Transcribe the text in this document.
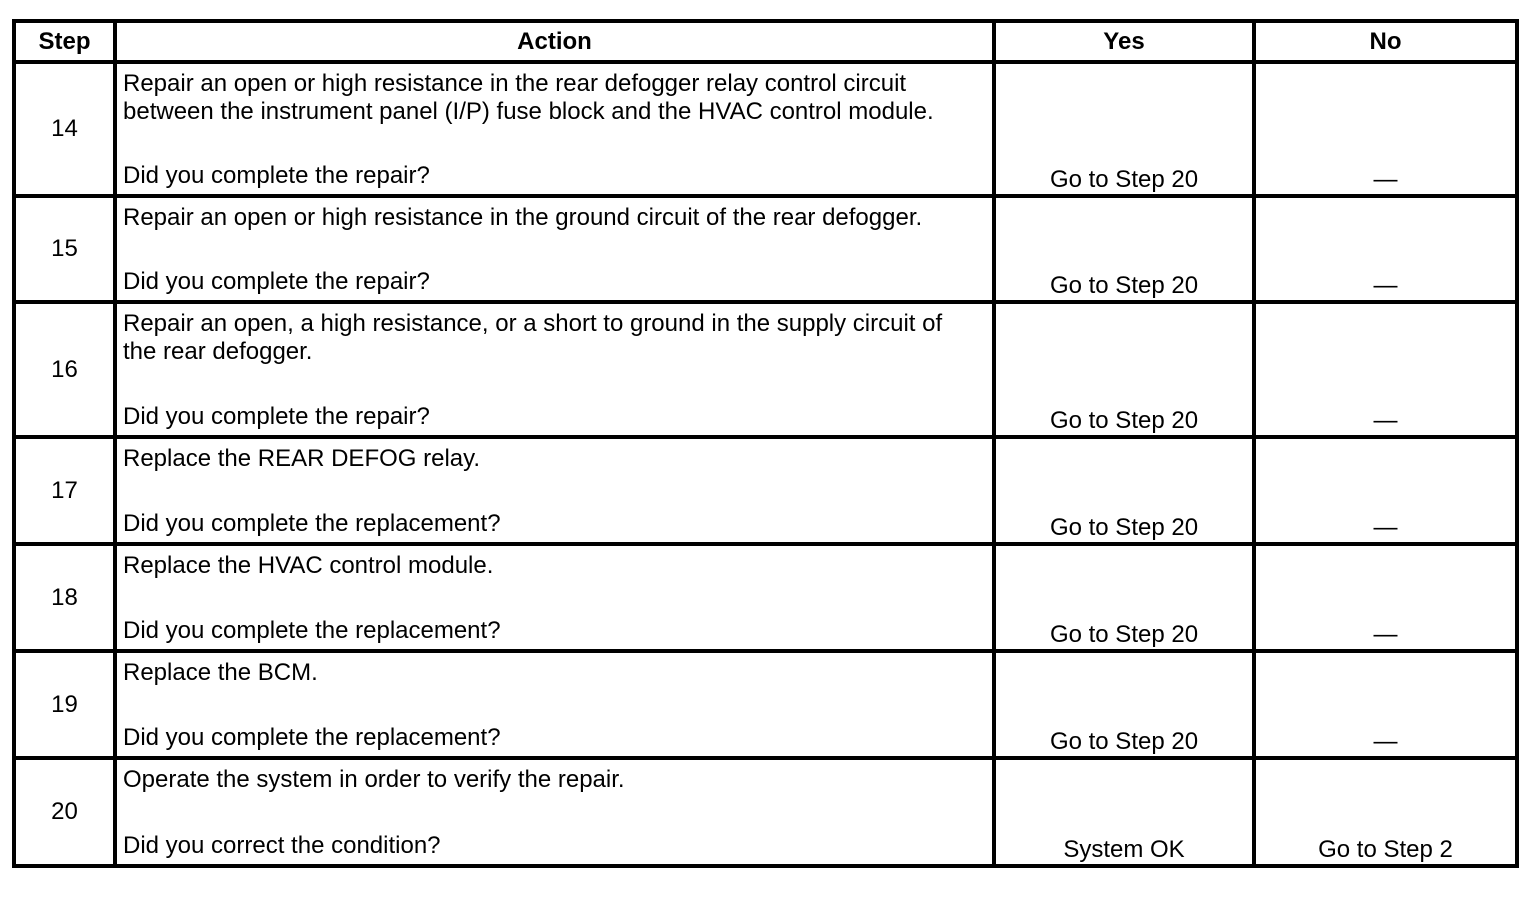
Step	Action	Yes	No
14	Repair an open or high resistance in the rear defogger relay control circuit
between the instrument panel (I/P) fuse block and the HVAC control module.
Did you complete the repair?	Go to Step 20	—
15	Repair an open or high resistance in the ground circuit of the rear defogger.
Did you complete the repair?	Go to Step 20	—
16	Repair an open, a high resistance, or a short to ground in the supply circuit of
the rear defogger.
Did you complete the repair?	Go to Step 20	—
17	Replace the REAR DEFOG relay.
Did you complete the replacement?	Go to Step 20	—
18	Replace the HVAC control module.
Did you complete the replacement?	Go to Step 20	—
19	Replace the BCM.
Did you complete the replacement?	Go to Step 20	—
20	Operate the system in order to verify the repair.
Did you correct the condition?	System OK	Go to Step 2
